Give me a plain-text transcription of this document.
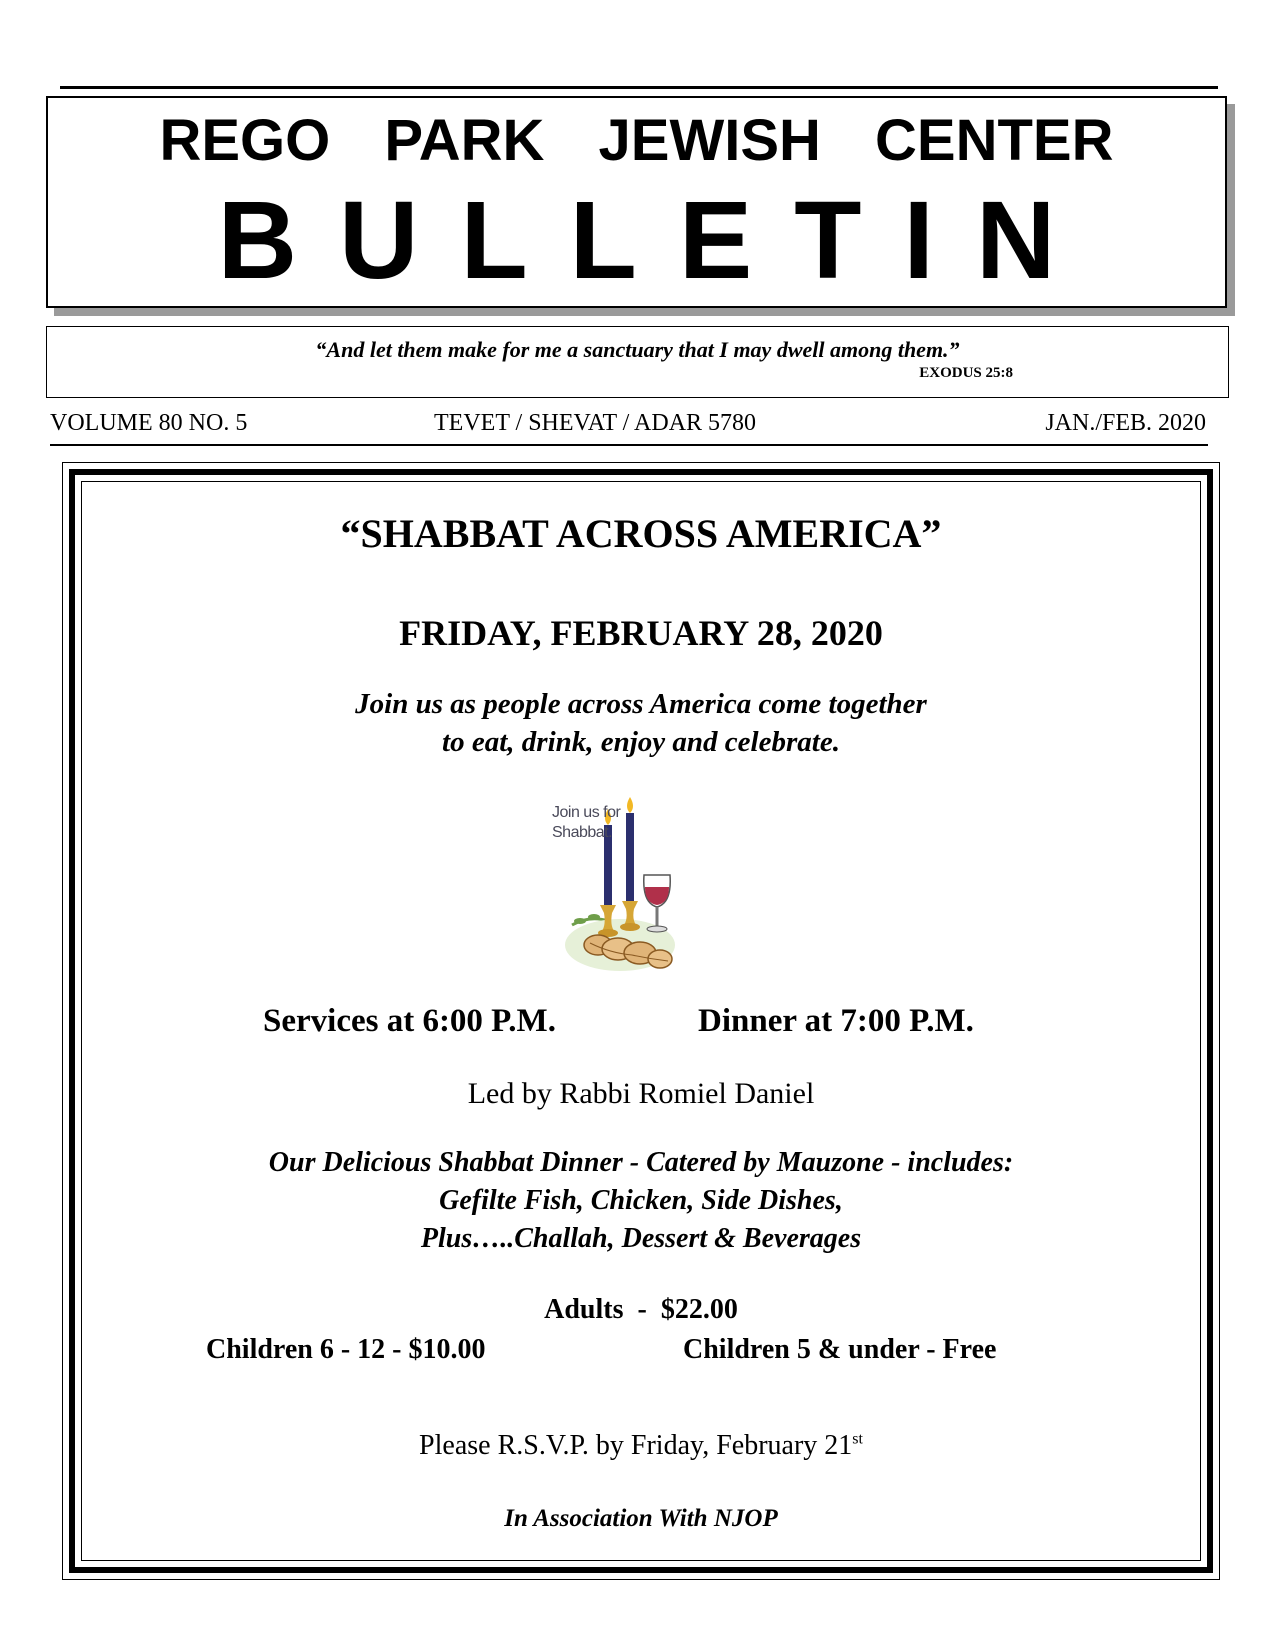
REGO PARK JEWISH CENTER
BULLETIN
“And let them make for me a sanctuary that I may dwell among them.”
EXODUS 25:8
VOLUME 80 NO. 5	TEVET / SHEVAT / ADAR 5780	JAN./FEB. 2020
“SHABBAT ACROSS AMERICA”
FRIDAY, FEBRUARY 28, 2020
Join us as people across America come together
to eat, drink, enjoy and celebrate.
Join us for
Shabbat.
Services at 6:00 P.M.	Dinner at 7:00 P.M.
Led by Rabbi Romiel Daniel
Our Delicious Shabbat Dinner - Catered by Mauzone - includes:
Gefilte Fish, Chicken, Side Dishes,
Plus…..Challah, Dessert & Beverages
Adults  -  $22.00
Children 6 - 12 - $10.00	Children 5 & under - Free
Please R.S.V.P. by Friday, February 21st
In Association With NJOP
